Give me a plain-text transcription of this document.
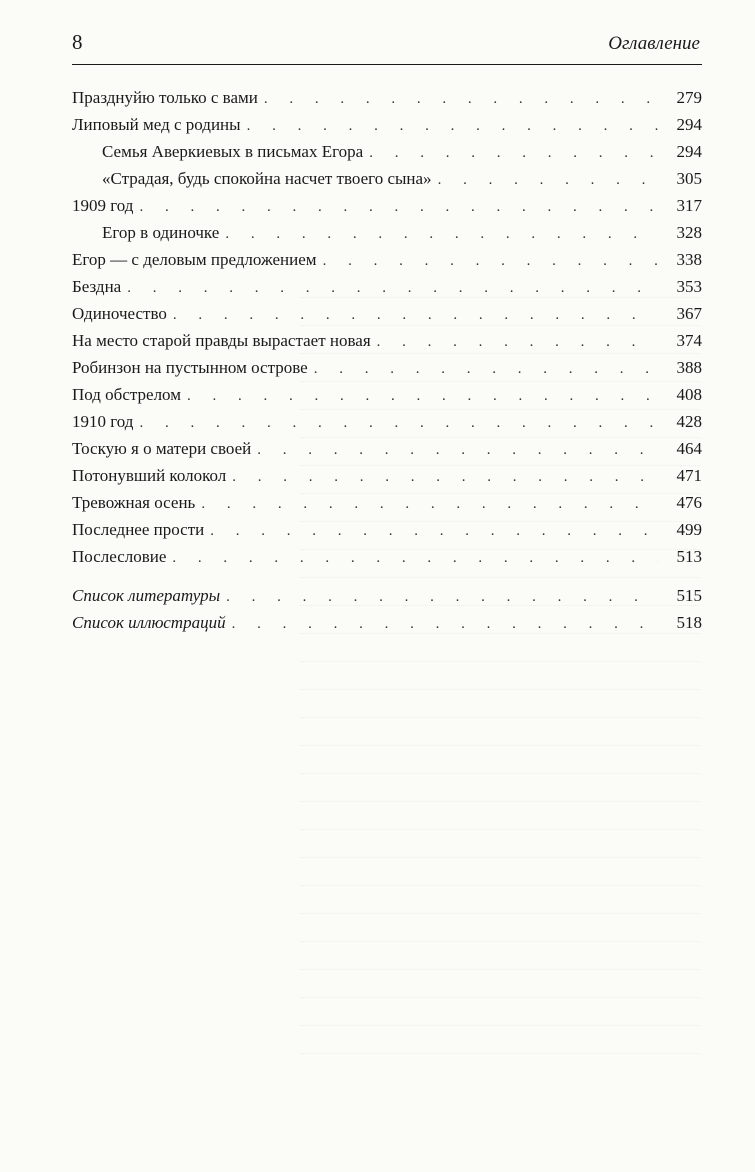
8	Оглавление
Празднуйю только с вами . . .	279
Липовый мед с родины . . .	294
Семья Аверкиевых в письмах Егора . . .	294
«Страдая, будь спокойна насчет твоего сына» . . .	305
1909 год . . .	317
Егор в одиночке . . .	328
Егор — с деловым предложением . . .	338
Бездна . . .	353
Одиночество . . .	367
На место старой правды вырастает новая . . .	374
Робинзон на пустынном острове . . .	388
Под обстрелом . . .	408
1910 год . . .	428
Тоскую я о матери своей . . .	464
Потонувший колокол . . .	471
Тревожная осень . . .	476
Последнее прости . . .	499
Послесловие . . .	513
Список литературы . . .	515
Список иллюстраций . . .	518
